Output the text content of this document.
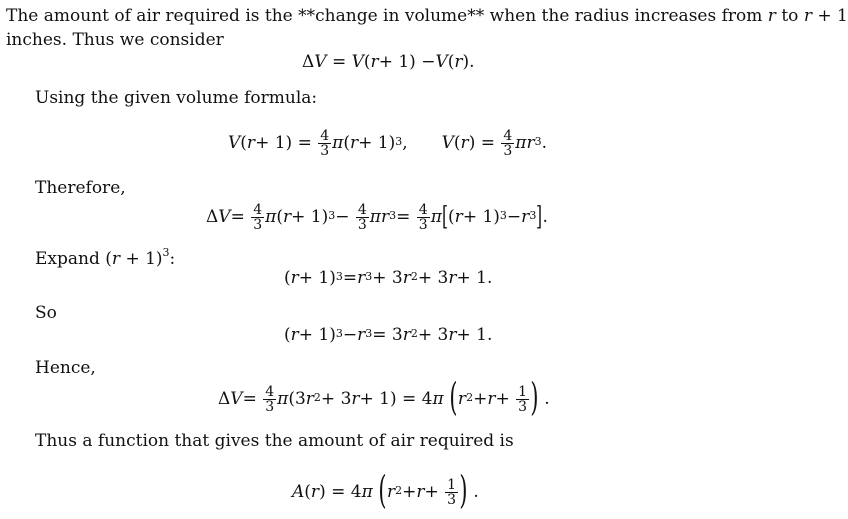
The amount of air required is the **change in volume** when the radius increases from r to r + 1
inches. Thus we consider
Δ V = V ( r + 1) − V ( r ).
Using the given volume formula:
V ( $r + 1) = \frac{4}{3}$ π ( r + 1)$^3$ , V ( r ) = $\frac{4}{3} \pi r^3$ .
Therefore,
Δ $V = \frac{4}{3}$ π ( $r + 1)^3 - \frac{4}{3} \pi r^3 = \frac{4}{3}$ π [ ( $r + 1)^3 - r^3$ ] .
Expand $(r + 1)^3$:
( $r + 1)^3 = r^3 + 3$ $r^2 + 3$ r + 1.
So
( $r + 1)^3 - r^3 = 3$ $r^2 + 3$ r + 1.
Hence,
Δ $V = \frac{4}{3}$ π (3 $r^2 + 3$ r + 1) = 4 π
( $r^2 + r + \frac{1}{3}$ ) .
Thus a function that gives the amount of air required is
A ( r ) = 4 π
( $r^2 + r + \frac{1}{3}$ ) .
